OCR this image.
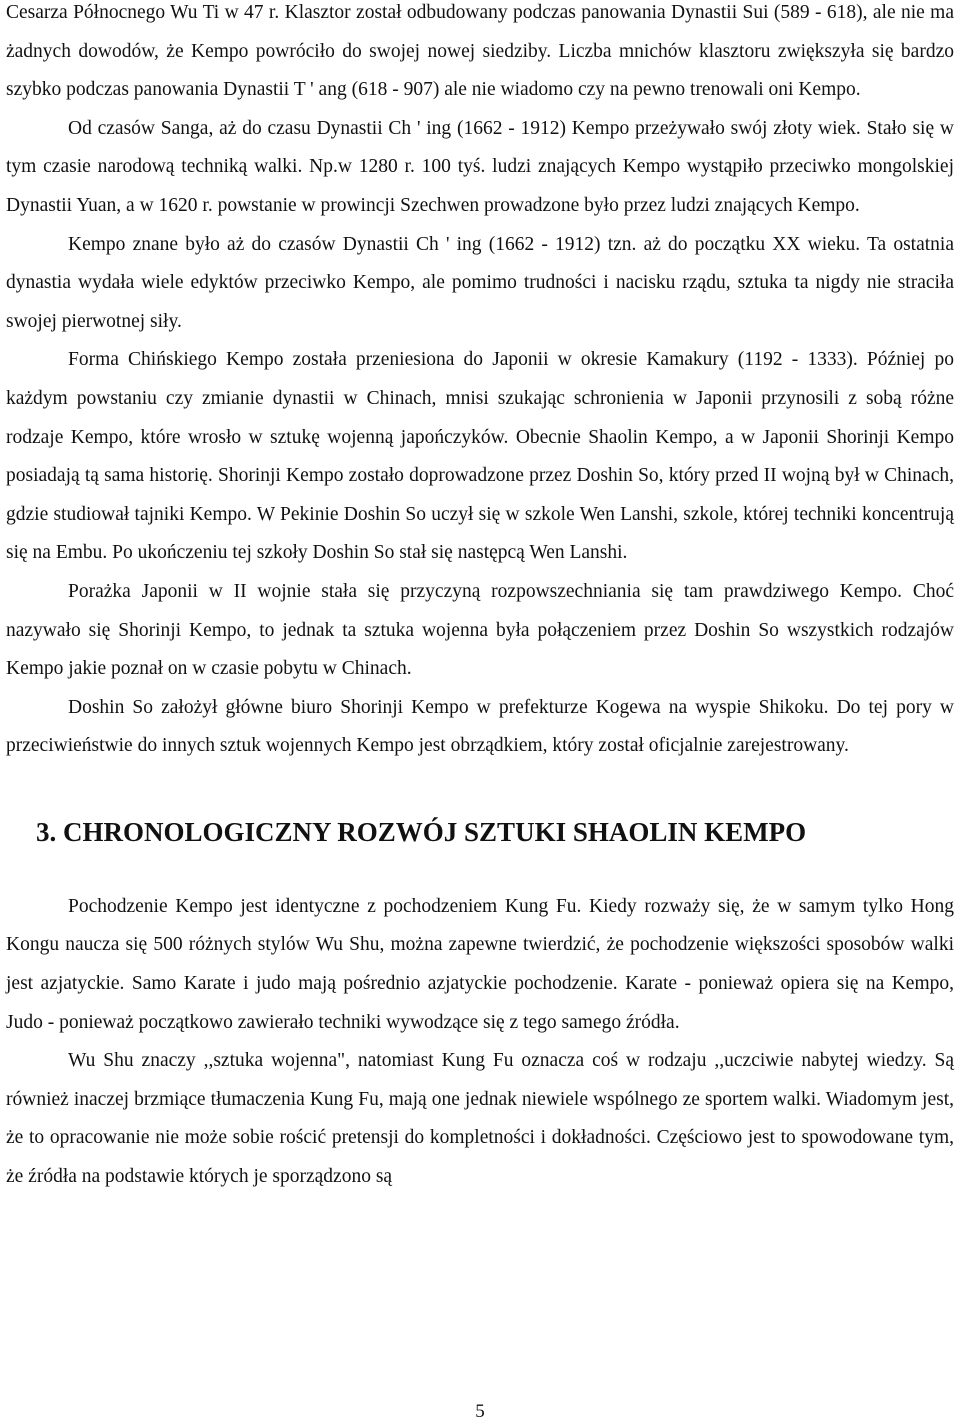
Cesarza Północnego Wu Ti w 47 r. Klasztor został odbudowany podczas panowania Dynastii Sui (589 - 618), ale nie ma żadnych dowodów, że Kempo powróciło do swojej nowej siedziby. Liczba mnichów klasztoru zwiększyła się bardzo szybko podczas panowania Dynastii T ' ang (618 - 907) ale nie wiadomo czy na pewno trenowali oni Kempo.

Od czasów Sanga, aż do czasu Dynastii Ch ' ing (1662 - 1912) Kempo przeżywało swój złoty wiek. Stało się w tym czasie narodową techniką walki. Np.w 1280 r. 100 tyś. ludzi znających Kempo wystąpiło przeciwko mongolskiej Dynastii Yuan, a w 1620 r. powstanie w prowincji Szechwen prowadzone było przez ludzi znających Kempo.

Kempo znane było aż do czasów Dynastii Ch ' ing (1662 - 1912) tzn. aż do początku XX wieku. Ta ostatnia dynastia wydała wiele edyktów przeciwko Kempo, ale pomimo trudności i nacisku rządu, sztuka ta nigdy nie straciła swojej pierwotnej siły.

Forma Chińskiego Kempo została przeniesiona do Japonii w okresie Kamakury (1192 - 1333). Później po każdym powstaniu czy zmianie dynastii w Chinach, mnisi szukając schronienia w Japonii przynosili z sobą różne rodzaje Kempo, które wrosło w sztukę wojenną japończyków. Obecnie Shaolin Kempo, a w Japonii Shorinji Kempo posiadają tą sama historię. Shorinji Kempo zostało doprowadzone przez Doshin So, który przed II wojną był w Chinach, gdzie studiował tajniki Kempo. W Pekinie Doshin So uczył się w szkole Wen Lanshi, szkole, której techniki koncentrują się na Embu. Po ukończeniu tej szkoły Doshin So stał się następcą Wen Lanshi.

Porażka Japonii w II wojnie stała się przyczyną rozpowszechniania się tam prawdziwego Kempo. Choć nazywało się Shorinji Kempo, to jednak ta sztuka wojenna była połączeniem przez Doshin So wszystkich rodzajów Kempo jakie poznał on w czasie pobytu w Chinach.

Doshin So założył główne biuro Shorinji Kempo w prefekturze Kogewa na wyspie Shikoku. Do tej pory w przeciwieństwie do innych sztuk wojennych Kempo jest obrządkiem, który został oficjalnie zarejestrowany.

3. CHRONOLOGICZNY ROZWÓJ SZTUKI SHAOLIN KEMPO

Pochodzenie Kempo jest identyczne z pochodzeniem Kung Fu. Kiedy rozważy się, że w samym tylko Hong Kongu naucza się 500 różnych stylów Wu Shu, można zapewne twierdzić, że pochodzenie większości sposobów walki jest azjatyckie. Samo Karate i judo mają pośrednio azjatyckie pochodzenie. Karate - ponieważ opiera się na Kempo, Judo - ponieważ początkowo zawierało techniki wywodzące się z tego samego źródła.

Wu Shu znaczy ,,sztuka wojenna", natomiast Kung Fu oznacza coś w rodzaju ,,uczciwie nabytej wiedzy. Są również inaczej brzmiące tłumaczenia Kung Fu, mają one jednak niewiele wspólnego ze sportem walki. Wiadomym jest, że to opracowanie nie może sobie rościć pretensji do kompletności i dokładności. Częściowo jest to spowodowane tym, że źródła na podstawie których je sporządzono są

5
